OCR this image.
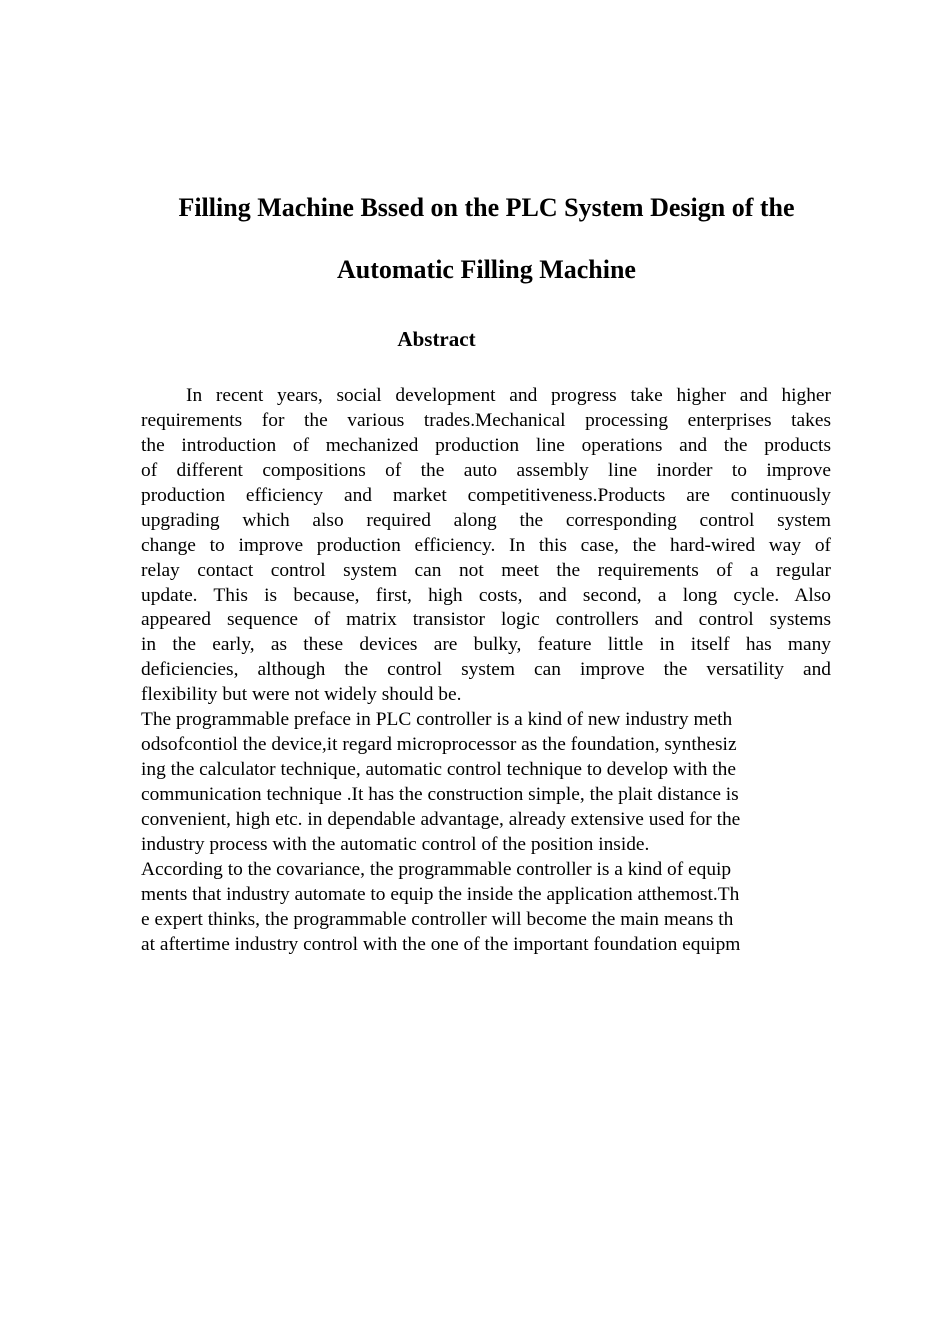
Filling Machine Bssed on the PLC System Design of the
Automatic Filling Machine
Abstract
In recent years, social development and progress take higher and higher
requirements for the various trades.Mechanical processing enterprises takes
the introduction of mechanized production line operations and the products
of different compositions of the auto assembly line inorder to improve
production efficiency and market competitiveness.Products are continuously
upgrading which also required along the corresponding control system
change to improve production efficiency. In this case, the hard-wired way of
relay contact control system can not meet the requirements of a regular
update. This is because, first, high costs, and second, a long cycle. Also
appeared sequence of matrix transistor logic controllers and control systems
in the early, as these devices are bulky, feature little in itself has many
deficiencies, although the control system can improve the versatility and
flexibility but were not widely should be.
The programmable preface in PLC controller is a kind of new industry meth
odsofcontiol the device,it regard microprocessor as the foundation, synthesiz
ing the calculator technique, automatic control technique to develop with the
communication technique .It has the construction simple, the plait distance is
convenient, high etc. in dependable advantage, already extensive used for the
industry process with the automatic control of the position inside.
According to the covariance, the programmable controller is a kind of equip
ments that industry automate to equip the inside the application atthemost.Th
e expert thinks, the programmable controller will become the main means th
at aftertime industry control with the one of the important foundation equipm
